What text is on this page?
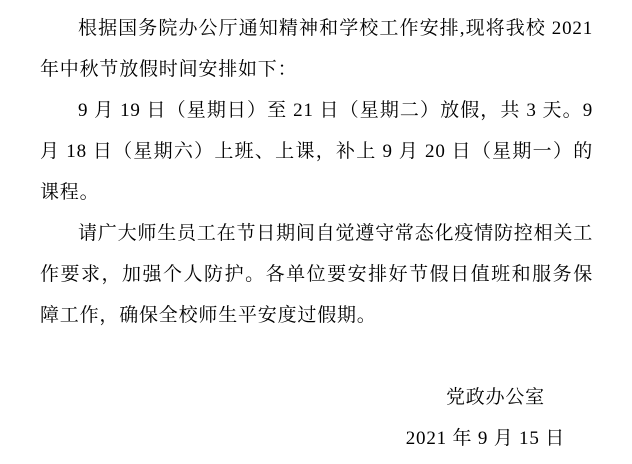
根据国务院办公厅通知精神和学校工作安排,现将我校 2021 年中秋节放假时间安排如下：

9 月 19 日（星期日）至 21 日（星期二）放假，共 3 天。9 月 18 日（星期六）上班、上课，补上 9 月 20 日（星期一）的课程。

请广大师生员工在节日期间自觉遵守常态化疫情防控相关工作要求，加强个人防护。各单位要安排好节假日值班和服务保障工作，确保全校师生平安度过假期。

党政办公室
2021 年 9 月 15 日
